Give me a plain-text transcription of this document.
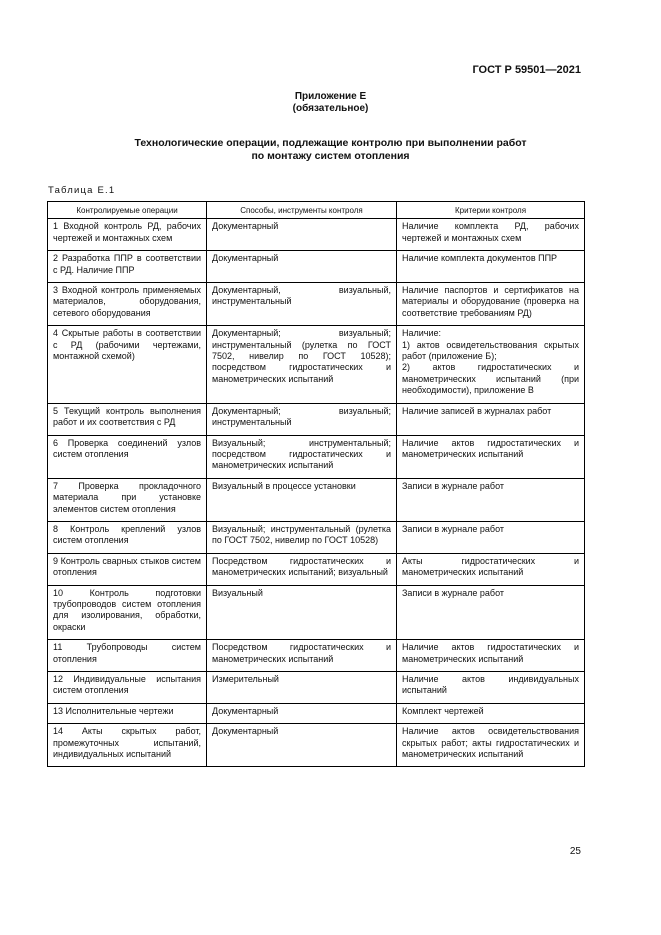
ГОСТ Р 59501—2021
Приложение Е
(обязательное)
Технологические операции, подлежащие контролю при выполнении работ
по монтажу систем отопления
Таблица Е.1
Контролируемые операции	Способы, инструменты контроля	Критерии контроля
1 Входной контроль РД, рабочих чертежей и монтажных схем	Документарный	Наличие комплекта РД, рабочих чертежей и монтажных схем
2 Разработка ППР в соответствии с РД. Наличие ППР	Документарный	Наличие комплекта документов ППР
3 Входной контроль применяемых материалов, оборудования, сетевого оборудования	Документарный, визуальный, инструментальный	Наличие паспортов и сертификатов на материалы и оборудование (проверка на соответствие требованиям РД)
4 Скрытые работы в соответствии с РД (рабочими чертежами, монтажной схемой)	Документарный; визуальный; инструментальный (рулетка по ГОСТ 7502, нивелир по ГОСТ 10528); посредством гидростатических и манометрических испытаний	Наличие:
1) актов освидетельствования скрытых работ (приложение Б);
2) актов гидростатических и манометрических испытаний (при необходимости), приложение В

5 Текущий контроль выполнения работ и их соответствия с РД	Документарный; визуальный; инструментальный	Наличие записей в журналах работ
6 Проверка соединений узлов систем отопления	Визуальный; инструментальный; посредством гидростатических и манометрических испытаний	Наличие актов гидростатических и манометрических испытаний
7 Проверка прокладочного материала при установке элементов систем отопления	Визуальный в процессе установки	Записи в журнале работ
8 Контроль креплений узлов систем отопления	Визуальный; инструментальный (рулетка по ГОСТ 7502, нивелир по ГОСТ 10528)	Записи в журнале работ
9 Контроль сварных стыков систем отопления	Посредством гидростатических и манометрических испытаний; визуальный	Акты гидростатических и манометрических испытаний
10 Контроль подготовки трубопроводов систем отопления для изолирования, обработки, окраски	Визуальный	Записи в журнале работ
11 Трубопроводы систем отопления	Посредством гидростатических и манометрических испытаний	Наличие актов гидростатических и манометрических испытаний
12 Индивидуальные испытания систем отопления	Измерительный	Наличие актов индивидуальных испытаний
13 Исполнительные чертежи	Документарный	Комплект чертежей
14 Акты скрытых работ, промежуточных испытаний, индивидуальных испытаний	Документарный	Наличие актов освидетельствования скрытых работ; акты гидростатических и манометрических испытаний
25
